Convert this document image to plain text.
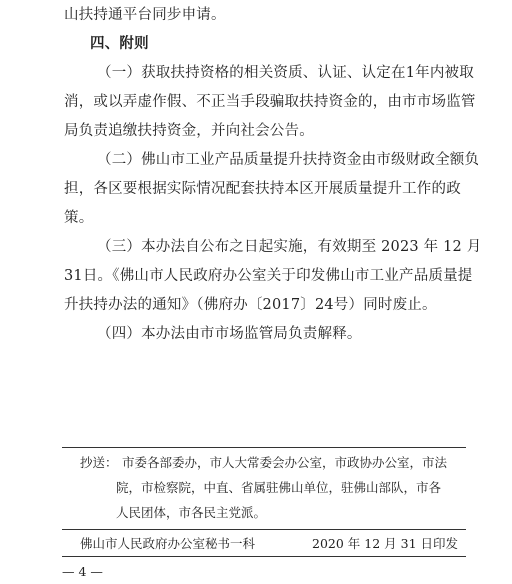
山扶持通平台同步申请。
四、附则
（一）获取扶持资格的相关资质、认证、认定在1年内被取
消，或以弄虚作假、不正当手段骗取扶持资金的，由市市场监管
局负责追缴扶持资金，并向社会公告。
（二）佛山市工业产品质量提升扶持资金由市级财政全额负
担，各区要根据实际情况配套扶持本区开展质量提升工作的政
策。
（三）本办法自公布之日起实施，有效期至 2023 年 12 月
31日。《佛山市人民政府办公室关于印发佛山市工业产品质量提
升扶持办法的通知》（佛府办〔2017〕24号）同时废止。
（四）本办法由市市场监管局负责解释。
抄送： 市委各部委办，市人大常委会办公室，市政协办公室，市法
院，市检察院，中直、省属驻佛山单位，驻佛山部队，市各
人民团体，市各民主党派。
佛山市人民政府办公室秘书一科	2020 年 12 月 31 日印发
— 4 —
